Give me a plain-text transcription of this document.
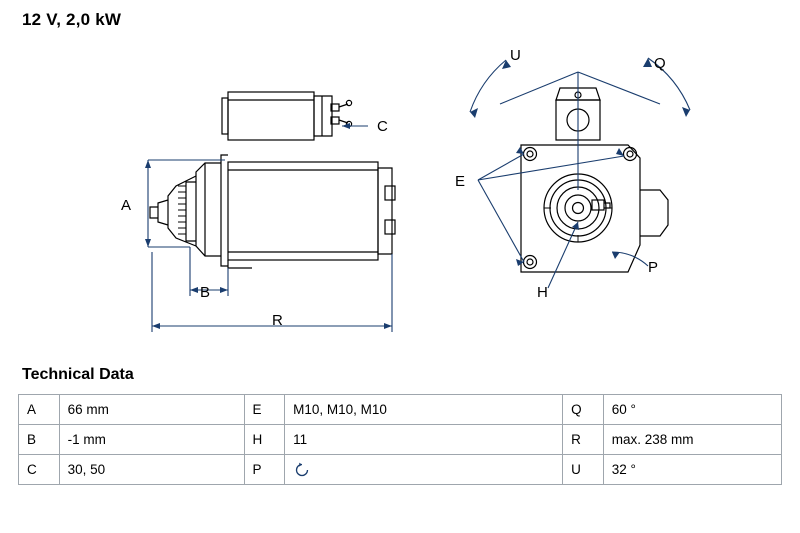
12 V, 2,0 kW
A
B
C
E
H
P
Q
R
U
Technical Data
A	66 mm	E	M10, M10, M10	Q	60 °
B	-1 mm	H	11	R	max. 238 mm
C	30, 50	P		U	32 °
